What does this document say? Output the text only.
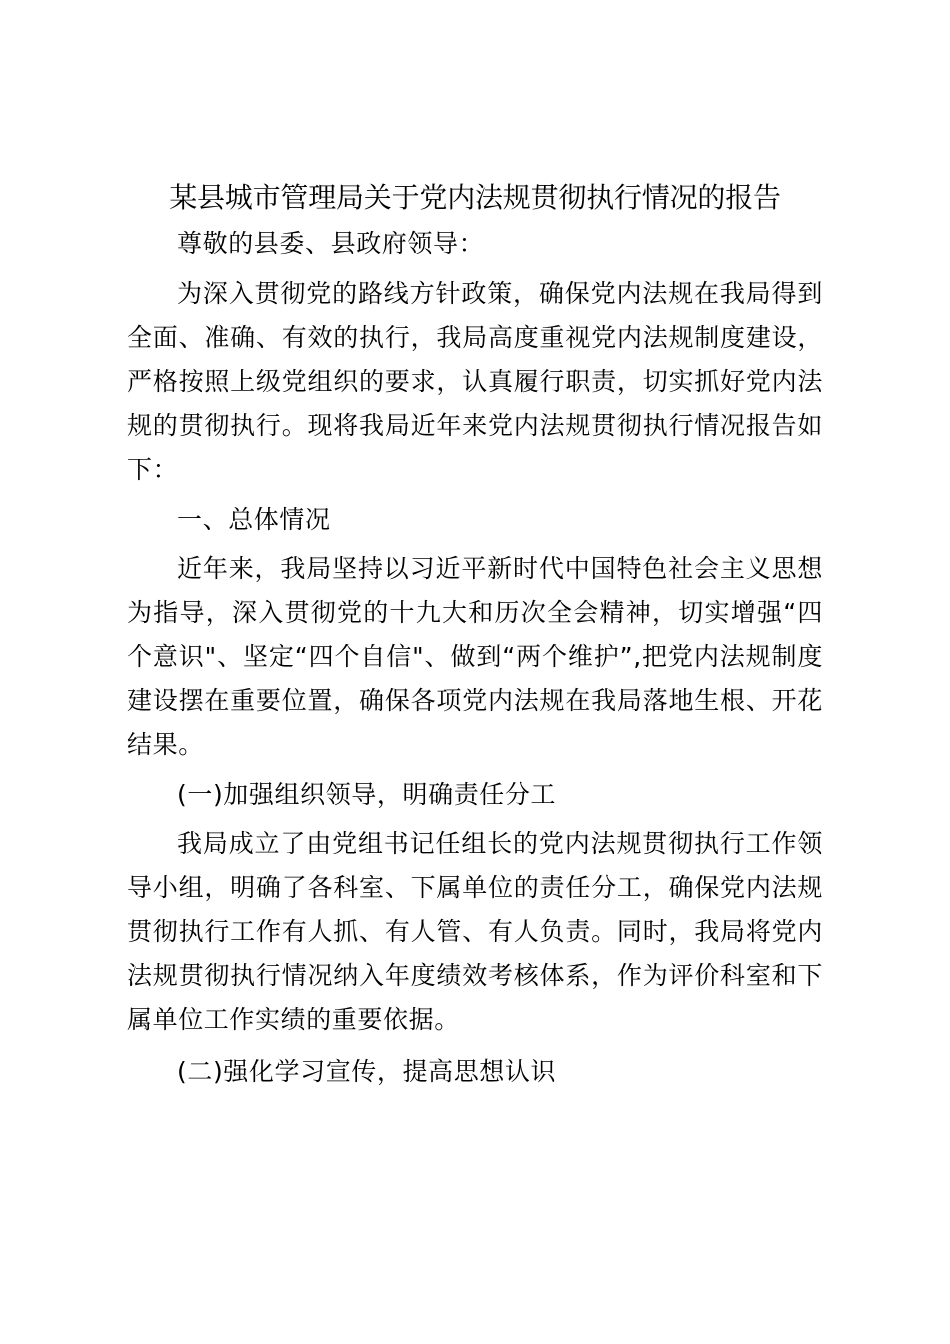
某县城市管理局关于党内法规贯彻执行情况的报告

尊敬的县委、县政府领导：

为深入贯彻党的路线方针政策，确保党内法规在我局得到全面、准确、有效的执行，我局高度重视党内法规制度建设，严格按照上级党组织的要求，认真履行职责，切实抓好党内法规的贯彻执行。现将我局近年来党内法规贯彻执行情况报告如下：

一、总体情况

近年来，我局坚持以习近平新时代中国特色社会主义思想为指导，深入贯彻党的十九大和历次全会精神，切实增强“四个意识"、坚定“四个自信"、做到“两个维护”,把党内法规制度建设摆在重要位置，确保各项党内法规在我局落地生根、开花结果。

(一)加强组织领导，明确责任分工

我局成立了由党组书记任组长的党内法规贯彻执行工作领导小组，明确了各科室、下属单位的责任分工，确保党内法规贯彻执行工作有人抓、有人管、有人负责。同时，我局将党内法规贯彻执行情况纳入年度绩效考核体系，作为评价科室和下属单位工作实绩的重要依据。

(二)强化学习宣传，提高思想认识
